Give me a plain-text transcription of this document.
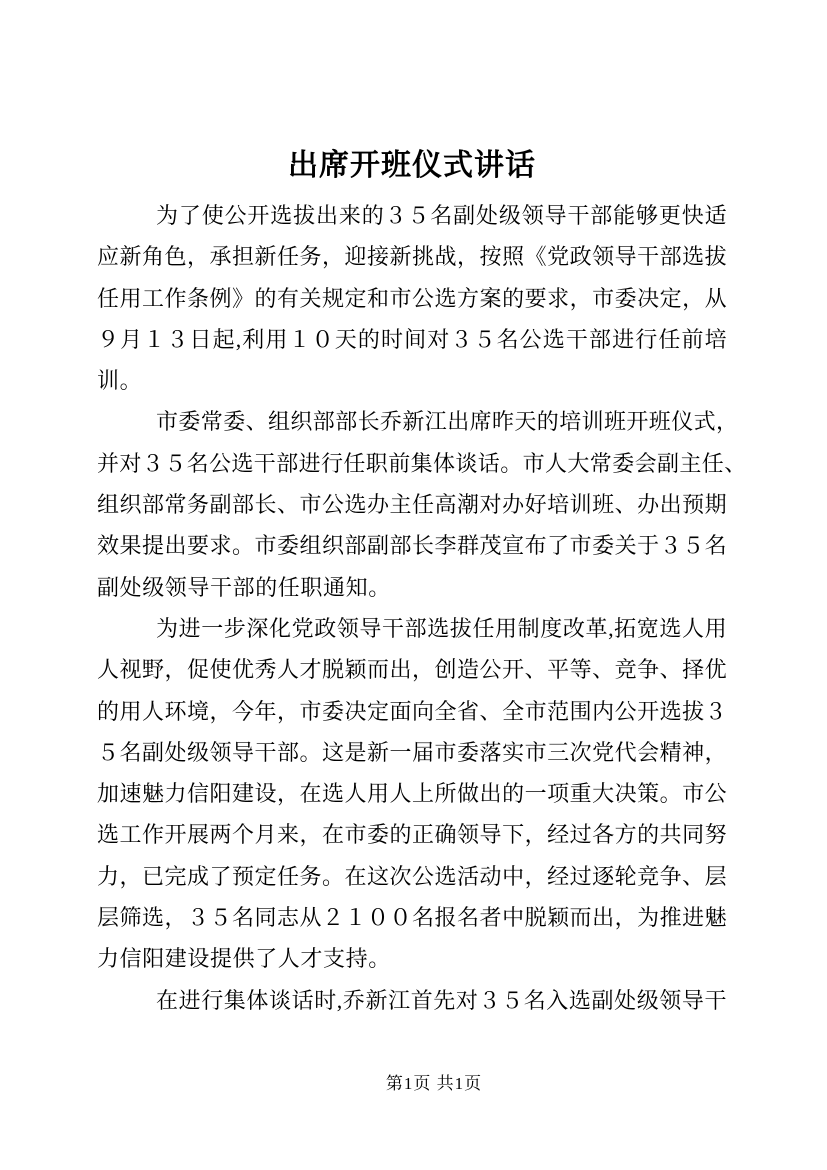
出席开班仪式讲话
为了使公开选拔出来的３５名副处级领导干部能够更快适
应新角色，承担新任务，迎接新挑战，按照《党政领导干部选拔
任用工作条例》的有关规定和市公选方案的要求，市委决定，从
９月１３日起,利用１０天的时间对３５名公选干部进行任前培
训。
市委常委、组织部部长乔新江出席昨天的培训班开班仪式，
并对３５名公选干部进行任职前集体谈话。市人大常委会副主任、
组织部常务副部长、市公选办主任高潮对办好培训班、办出预期
效果提出要求。市委组织部副部长李群茂宣布了市委关于３５名
副处级领导干部的任职通知。
为进一步深化党政领导干部选拔任用制度改革,拓宽选人用
人视野，促使优秀人才脱颖而出，创造公开、平等、竞争、择优
的用人环境，今年，市委决定面向全省、全市范围内公开选拔３
５名副处级领导干部。这是新一届市委落实市三次党代会精神，
加速魅力信阳建设，在选人用人上所做出的一项重大决策。市公
选工作开展两个月来，在市委的正确领导下，经过各方的共同努
力，已完成了预定任务。在这次公选活动中，经过逐轮竞争、层
层筛选，３５名同志从２１００名报名者中脱颖而出，为推进魅
力信阳建设提供了人才支持。
在进行集体谈话时,乔新江首先对３５名入选副处级领导干
第1页 共1页
